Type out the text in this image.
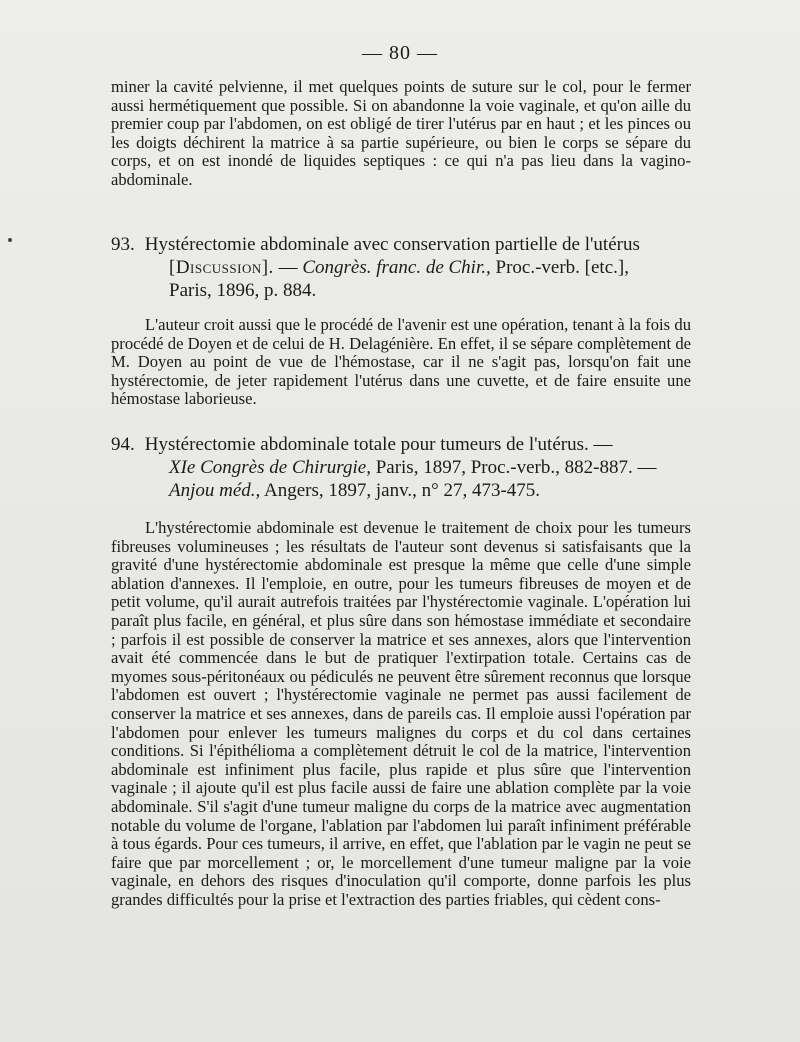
— 80 —
miner la cavité pelvienne, il met quelques points de suture sur le col, pour le fermer aussi hermétiquement que possible. Si on abandonne la voie vaginale, et qu'on aille du premier coup par l'abdomen, on est obligé de tirer l'utérus par en haut ; et les pinces ou les doigts déchirent la matrice à sa partie supérieure, ou bien le corps se sépare du corps, et on est inondé de liquides septiques : ce qui n'a pas lieu dans la vagino-abdominale.
93. Hystérectomie abdominale avec conservation partielle de l'utérus
[Discussion]. — Congrès. franc. de Chir., Proc.-verb. [etc.],
Paris, 1896, p. 884.
L'auteur croit aussi que le procédé de l'avenir est une opération, tenant à la fois du procédé de Doyen et de celui de H. Delagénière. En effet, il se sépare complètement de M. Doyen au point de vue de l'hémostase, car il ne s'agit pas, lorsqu'on fait une hystérectomie, de jeter rapidement l'utérus dans une cuvette, et de faire ensuite une hémostase laborieuse.
94. Hystérectomie abdominale totale pour tumeurs de l'utérus. —
XIe Congrès de Chirurgie, Paris, 1897, Proc.-verb., 882-887. —
Anjou méd., Angers, 1897, janv., n° 27, 473-475.
L'hystérectomie abdominale est devenue le traitement de choix pour les tumeurs fibreuses volumineuses ; les résultats de l'auteur sont devenus si satisfaisants que la gravité d'une hystérectomie abdominale est presque la même que celle d'une simple ablation d'annexes. Il l'emploie, en outre, pour les tumeurs fibreuses de moyen et de petit volume, qu'il aurait autrefois traitées par l'hystérectomie vaginale. L'opération lui paraît plus facile, en général, et plus sûre dans son hémostase immédiate et secondaire ; parfois il est possible de conserver la matrice et ses annexes, alors que l'intervention avait été commencée dans le but de pratiquer l'extirpation totale. Certains cas de myomes sous-péritonéaux ou pédiculés ne peuvent être sûrement reconnus que lorsque l'abdomen est ouvert ; l'hystérectomie vaginale ne permet pas aussi facilement de conserver la matrice et ses annexes, dans de pareils cas. Il emploie aussi l'opération par l'abdomen pour enlever les tumeurs malignes du corps et du col dans certaines conditions. Si l'épithélioma a complètement détruit le col de la matrice, l'intervention abdominale est infiniment plus facile, plus rapide et plus sûre que l'intervention vaginale ; il ajoute qu'il est plus facile aussi de faire une ablation complète par la voie abdominale. S'il s'agit d'une tumeur maligne du corps de la matrice avec augmentation notable du volume de l'organe, l'ablation par l'abdomen lui paraît infiniment préférable à tous égards. Pour ces tumeurs, il arrive, en effet, que l'ablation par le vagin ne peut se faire que par morcellement ; or, le morcellement d'une tumeur maligne par la voie vaginale, en dehors des risques d'inoculation qu'il comporte, donne parfois les plus grandes difficultés pour la prise et l'extraction des parties friables, qui cèdent cons-
